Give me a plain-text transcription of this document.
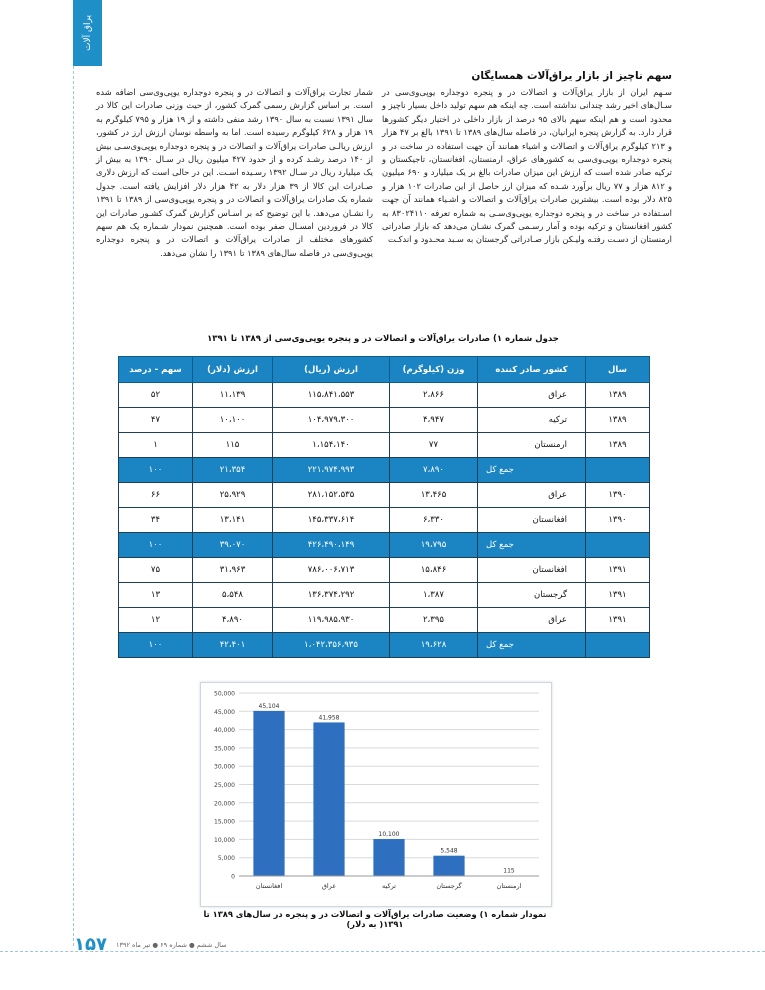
یراق آلات
سهم ناچیز از بازار یراق‌آلات همسایگان
سـهم ایران از بازار یراق‌آلات و اتصالات در و پنجره دوجداره یوپی‌وی‌سی در سـال‌های اخیر رشد چندانی نداشته است. چه اینکه هم سهم تولید داخل بسیار ناچیز و محدود است و هم اینکه سهم بالای ۹۵ درصد از بازار داخلی در اختیار دیگر کشورها قرار دارد. به گزارش پنجره ایرانیان، در فاصله سال‌های ۱۳۸۹ تا ۱۳۹۱ بالغ بر ۴۷ هزار و ۲۱۳ کیلوگرم یراق‌آلات و اتصالات و اشیاء همانند آن جهت استفاده در ساخت در و پنجره دوجداره یوپی‌وی‌سی به کشورهای عراق، ارمنستان، افغانستان، تاجیکستان و ترکیه صادر شده است که ارزش این میزان صادرات بالغ بر یک میلیارد و ۶۹۰ میلیون و ۸۱۲ هزار و ۷۷ ریال برآورد شـده که میزان ارز حاصل از این صادرات ۱۰۲ هزار و ۸۲۵ دلار بوده است. بیشترین صادرات یراق‌آلات و اتصالات و اشـیاء همانند آن جهت اسـتفاده در ساخت در و پنجره دوجداره یوپی‌وی‌سـی به شماره تعرفه ۸۳۰۲۴۱۱۰ به کشور افغانستان و ترکیه بوده و آمار رسـمی گمرک نشـان می‌دهد که بازار صادراتی ارمنستان از دسـت رفتـه ولیـکن بازار صـادراتی گرجستان به سـبد محـدود و اندکـت
شمار تجارت یراق‌آلات و اتصالات در و پنجره دوجداره یوپی‌وی‌سی اضافه شده است. بر اساس گزارش رسمی گمرک کشور، از حیث وزنی صادرات این کالا در سال ۱۳۹۱ نسبت به سال ۱۳۹۰ رشد منفی داشته و از ۱۹ هزار و ۷۹۵ کیلوگرم به ۱۹ هزار و ۶۲۸ کیلوگرم رسیده است. اما به واسطه نوسان ارزش ارز در کشور، ارزش ریالـی صادرات یراق‌آلات و اتصالات در و پنجره دوجداره یوپی‌وی‌سـی بیش از ۱۴۰ درصد رشـد کرده و از حدود ۴۲۷ میلیون ریال در سـال ۱۳۹۰ به بیش از یک میلیارد ریال در سـال ۱۳۹۲ رسـیده اسـت. این در حالی است که ارزش دلاری صـادرات این کالا از ۳۹ هزار دلار به ۴۲ هزار دلار افزایش یافته است. جدول شماره یک صادرات یراق‌آلات و اتصالات در و پنجره یوپی‌وی‌سی از ۱۳۸۹ تا ۱۳۹۱ را نشـان می‌دهد. با این توضیح که بر اسـاس گزارش گمرک کشـور صادرات این کالا در فروردین امسـال صفر بوده است. همچنین نمودار شـماره یک هم سهم کشورهای مختلف از صادرات یراق‌آلات و اتصالات در و پنجره دوجداره یوپی‌وی‌سی در فاصله سال‌های ۱۳۸۹ تا ۱۳۹۱ را نشان می‌دهد.
جدول شماره ۱) صادرات یراق‌آلات و اتصالات در و پنجره یوپی‌وی‌سی از ۱۳۸۹ تا ۱۳۹۱
سال	کشور صادر کننده	وزن (کیلوگرم)	ارزش (ریال)	ارزش (دلار)	سهم - درصد
۱۳۸۹	عراق	۲،۸۶۶	۱۱۵،۸۴۱،۵۵۳	۱۱،۱۳۹	۵۲
۱۳۸۹	ترکیه	۴،۹۴۷	۱۰۴،۹۷۹،۳۰۰	۱۰،۱۰۰	۴۷
۱۳۸۹	ارمنستان	۷۷	۱،۱۵۴،۱۴۰	۱۱۵	۱
	جمع کل	۷،۸۹۰	۲۲۱،۹۷۴،۹۹۳	۲۱،۳۵۴	۱۰۰
۱۳۹۰	عراق	۱۳،۴۶۵	۲۸۱،۱۵۲،۵۳۵	۲۵،۹۲۹	۶۶
۱۳۹۰	افغانستان	۶،۳۳۰	۱۴۵،۳۳۷،۶۱۴	۱۳،۱۴۱	۳۴
	جمع کل	۱۹،۷۹۵	۴۲۶،۴۹۰،۱۴۹	۳۹،۰۷۰	۱۰۰
۱۳۹۱	افغانستان	۱۵،۸۴۶	۷۸۶،۰۰۶،۷۱۳	۳۱،۹۶۳	۷۵
۱۳۹۱	گرجستان	۱،۳۸۷	۱۳۶،۳۷۴،۲۹۲	۵،۵۴۸	۱۳
۱۳۹۱	عراق	۲،۳۹۵	۱۱۹،۹۸۵،۹۳۰	۴،۸۹۰	۱۲
	جمع کل	۱۹،۶۲۸	۱،۰۴۲،۳۵۶،۹۳۵	۴۲،۴۰۱	۱۰۰
0
5,000
10,000
15,000
20,000
25,000
30,000
35,000
40,000
45,000
50,000
45,104
افغانستان
41,958
عراق
10,100
ترکیه
5,548
گرجستان
115
ارمنستان
نمودار شماره ۱) وضعیت صادرات یراق‌آلات و اتصالات در و پنجره در سال‌های ۱۳۸۹ تا ۱۳۹۱( به دلار)
۱۵۷ سال ششم ● شماره ۶۹ ● تیر ماه ۱۳۹۲
